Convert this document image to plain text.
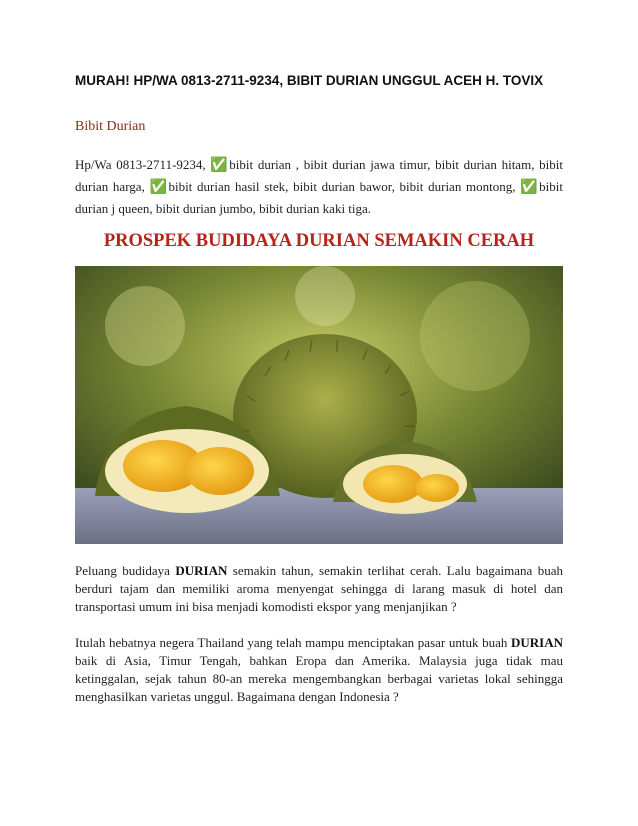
MURAH! HP/WA 0813-2711-9234, BIBIT DURIAN UNGGUL ACEH H. TOVIX
Bibit Durian

Hp/Wa 0813-2711-9234, ✅bibit durian , bibit durian jawa timur, bibit durian hitam, bibit durian harga, ✅bibit durian hasil stek, bibit durian bawor, bibit durian montong, ✅bibit durian j queen, bibit durian jumbo, bibit durian kaki tiga.

PROSPEK BUDIDAYA DURIAN SEMAKIN CERAH

Peluang budidaya DURIAN semakin tahun, semakin terlihat cerah. Lalu bagaimana buah berduri tajam dan memiliki aroma menyengat sehingga di larang masuk di hotel dan transportasi umum ini bisa menjadi komodisti ekspor yang menjanjikan ?

Itulah hebatnya negera Thailand yang telah mampu menciptakan pasar untuk buah DURIAN baik di Asia, Timur Tengah, bahkan Eropa dan Amerika. Malaysia juga tidak mau ketinggalan, sejak tahun 80-an mereka mengembangkan berbagai varietas lokal sehingga menghasilkan varietas unggul. Bagaimana dengan Indonesia ?
